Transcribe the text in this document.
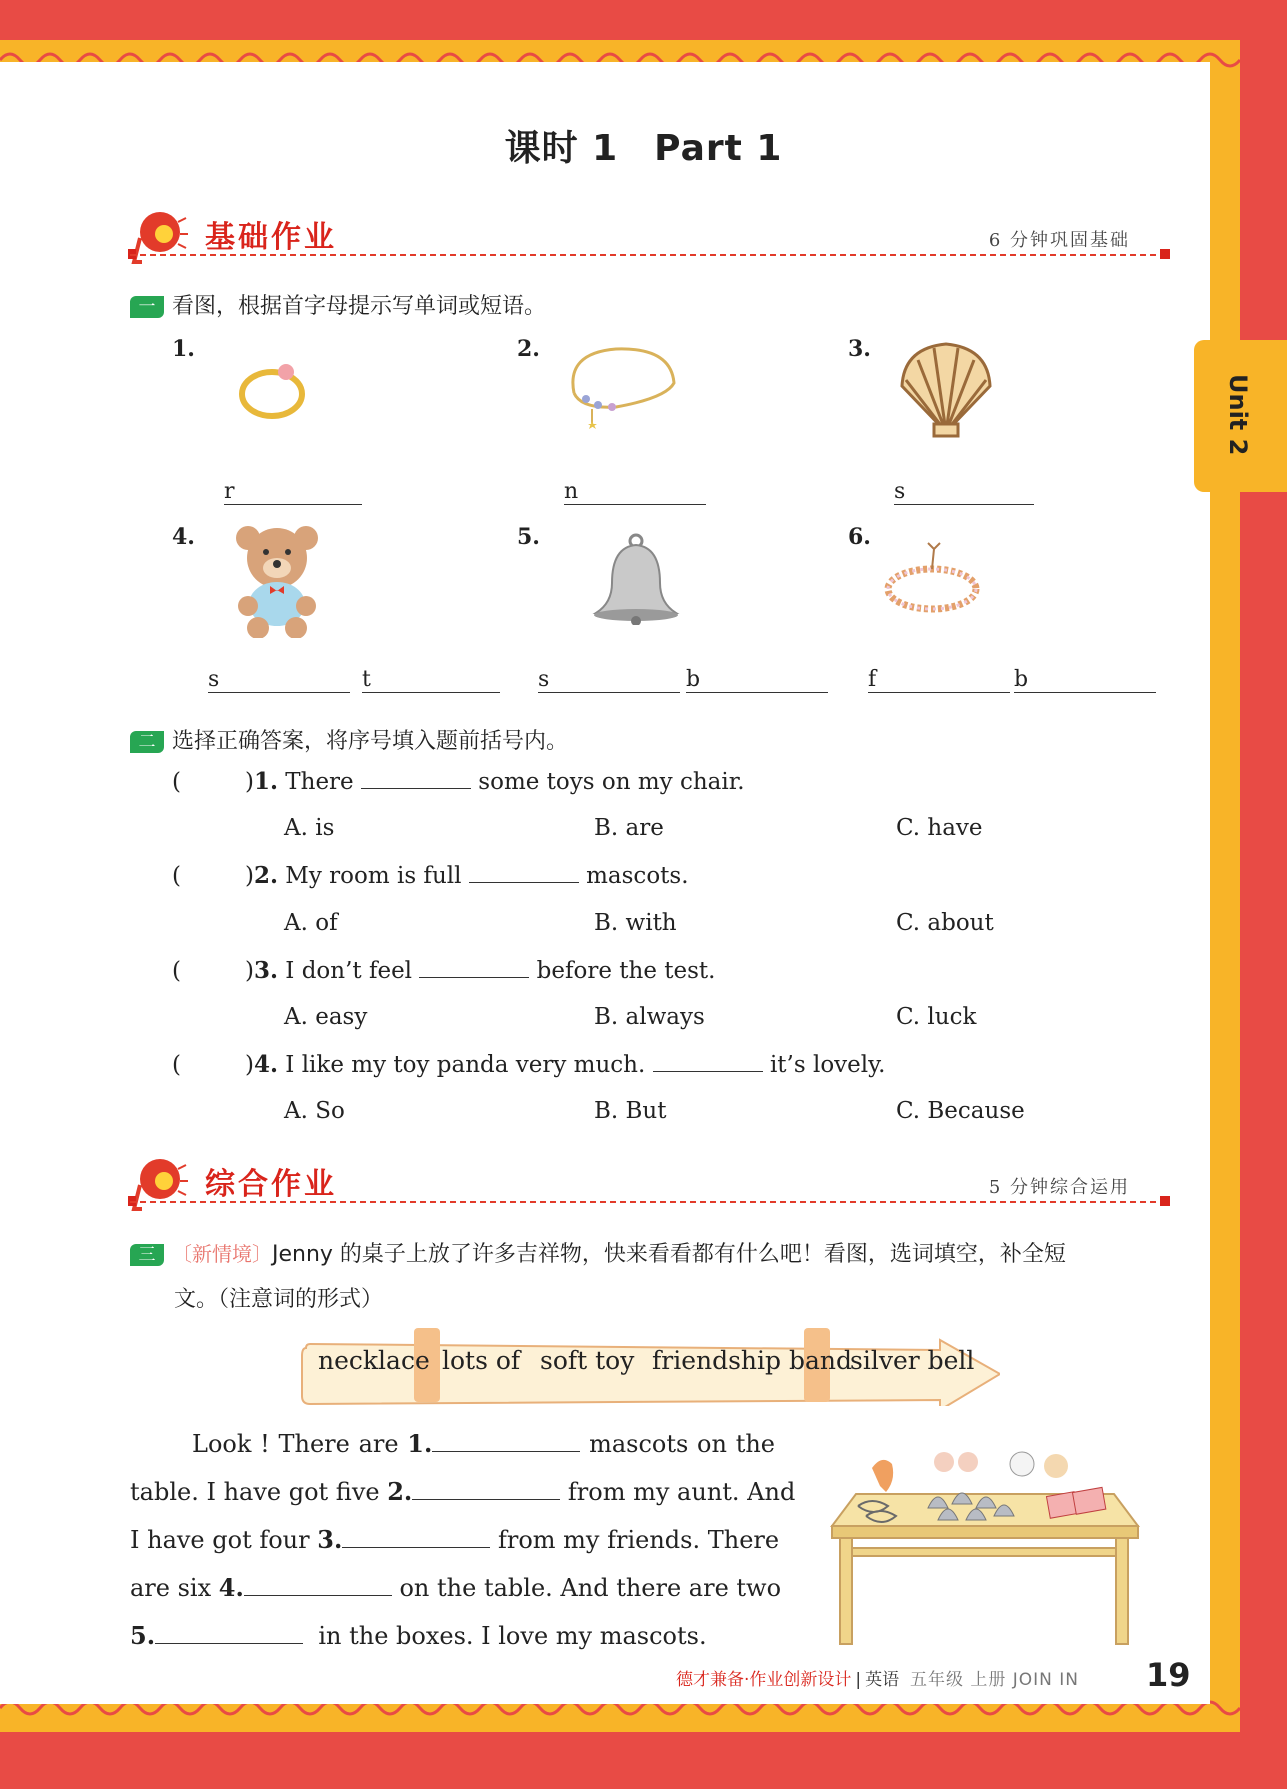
Unit 2
课时 1 Part 1
基础作业	6 分钟巩固基础
一 看图，根据首字母提示写单词或短语。
1.	2.	3.
4.	5.	6.
r	n	s
s	t	s	b	f	b
二 选择正确答案，将序号填入题前括号内。
(	)1. There	some toys on my chair.
A. is	B. are	C. have
(	)2. My room is full	mascots.
A. of	B. with	C. about
(	)3. I don’t feel	before the test.
A. easy	B. always	C. luck
(	)4. I like my toy panda very much.	it’s lovely.
A. So	B. But	C. Because
综合作业	5 分钟综合运用
三 〔新情境〕Jenny 的桌子上放了许多吉祥物，快来看看都有什么吧！看图，选词填空，补全短
文。（注意词的形式）
necklace lots of soft toy friendship band
silver bell
Look ! There are 1.	mascots on the
table. I have got five 2.	from my aunt. And
I have got four 3.	from my friends. There
are six 4.	on the table. And there are two
5.	in the boxes. I love my mascots.
德才兼备·作业创新设计 | 英语 五年级 上册 JOIN IN 19
